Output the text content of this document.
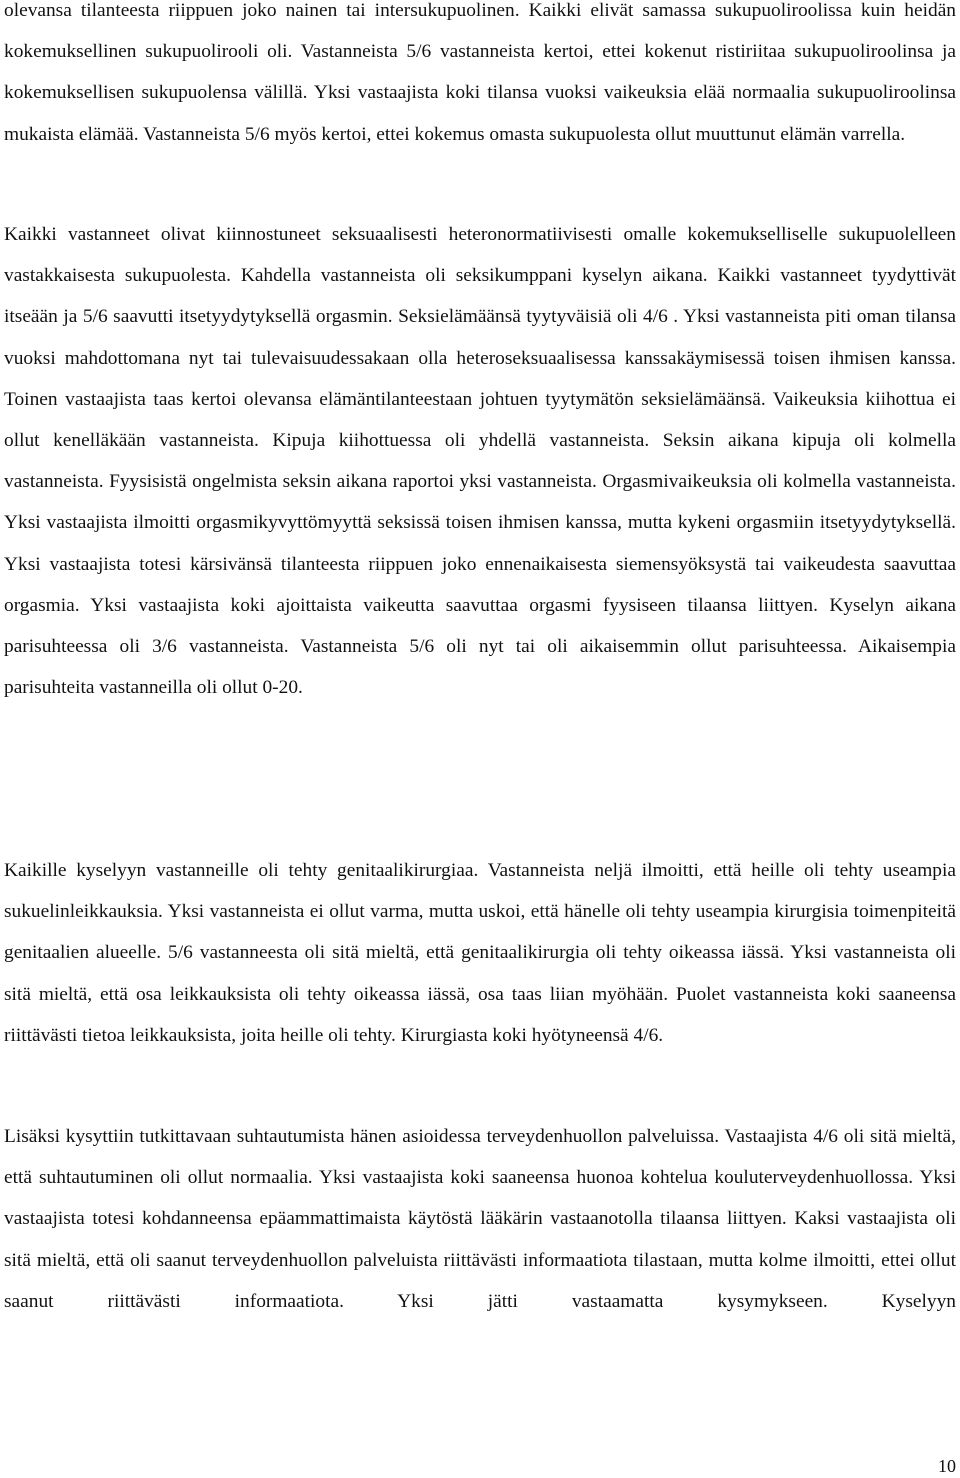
olevansa tilanteesta riippuen joko nainen tai intersukupuolinen. Kaikki elivät samassa sukupuoliroolissa kuin heidän kokemuksellinen sukupuolirooli oli. Vastanneista 5/6 vastanneista kertoi, ettei kokenut ristiriitaa sukupuoliroolinsa ja kokemuksellisen sukupuolensa välillä. Yksi vastaajista koki tilansa vuoksi vaikeuksia elää normaalia sukupuoliroolinsa mukaista elämää. Vastanneista 5/6 myös kertoi, ettei kokemus omasta sukupuolesta ollut muuttunut elämän varrella.

Kaikki vastanneet olivat kiinnostuneet seksuaalisesti heteronormatiivisesti omalle kokemukselliselle sukupuolelleen vastakkaisesta sukupuolesta. Kahdella vastanneista oli seksikumppani kyselyn aikana. Kaikki vastanneet tyydyttivät itseään ja 5/6 saavutti itsetyydytyksellä orgasmin. Seksielämäänsä tyytyväisiä oli 4/6 . Yksi vastanneista piti oman tilansa vuoksi mahdottomana nyt tai tulevaisuudessakaan olla heteroseksuaalisessa kanssakäymisessä toisen ihmisen kanssa. Toinen vastaajista taas kertoi olevansa elämäntilanteestaan johtuen tyytymätön seksielämäänsä. Vaikeuksia kiihottua ei ollut kenelläkään vastanneista. Kipuja kiihottuessa oli yhdellä vastanneista. Seksin aikana kipuja oli kolmella vastanneista. Fyysisistä ongelmista seksin aikana raportoi yksi vastanneista. Orgasmivaikeuksia oli kolmella vastanneista. Yksi vastaajista ilmoitti orgasmikyvyttömyyttä seksissä toisen ihmisen kanssa, mutta kykeni orgasmiin itsetyydytyksellä. Yksi vastaajista totesi kärsivänsä tilanteesta riippuen joko ennenaikaisesta siemensyöksystä tai vaikeudesta saavuttaa orgasmia. Yksi vastaajista koki ajoittaista vaikeutta saavuttaa orgasmi fyysiseen tilaansa liittyen. Kyselyn aikana parisuhteessa oli 3/6 vastanneista. Vastanneista 5/6 oli nyt tai oli aikaisemmin ollut parisuhteessa. Aikaisempia parisuhteita vastanneilla oli ollut 0-20.

Kaikille kyselyyn vastanneille oli tehty genitaalikirurgiaa. Vastanneista neljä ilmoitti, että heille oli tehty useampia sukuelinleikkauksia. Yksi vastanneista ei ollut varma, mutta uskoi, että hänelle oli tehty useampia kirurgisia toimenpiteitä genitaalien alueelle. 5/6 vastanneesta oli sitä mieltä, että genitaalikirurgia oli tehty oikeassa iässä. Yksi vastanneista oli sitä mieltä, että osa leikkauksista oli tehty oikeassa iässä, osa taas liian myöhään. Puolet vastanneista koki saaneensa riittävästi tietoa leikkauksista, joita heille oli tehty. Kirurgiasta koki hyötyneensä 4/6.

Lisäksi kysyttiin tutkittavaan suhtautumista hänen asioidessa terveydenhuollon palveluissa. Vastaajista 4/6 oli sitä mieltä, että suhtautuminen oli ollut normaalia. Yksi vastaajista koki saaneensa huonoa kohtelua kouluterveydenhuollossa. Yksi vastaajista totesi kohdanneensa epäammattimaista käytöstä lääkärin vastaanotolla tilaansa liittyen. Kaksi vastaajista oli sitä mieltä, että oli saanut terveydenhuollon palveluista riittävästi informaatiota tilastaan, mutta kolme ilmoitti, ettei ollut saanut riittävästi informaatiota. Yksi jätti vastaamatta kysymykseen. Kyselyyn

10
